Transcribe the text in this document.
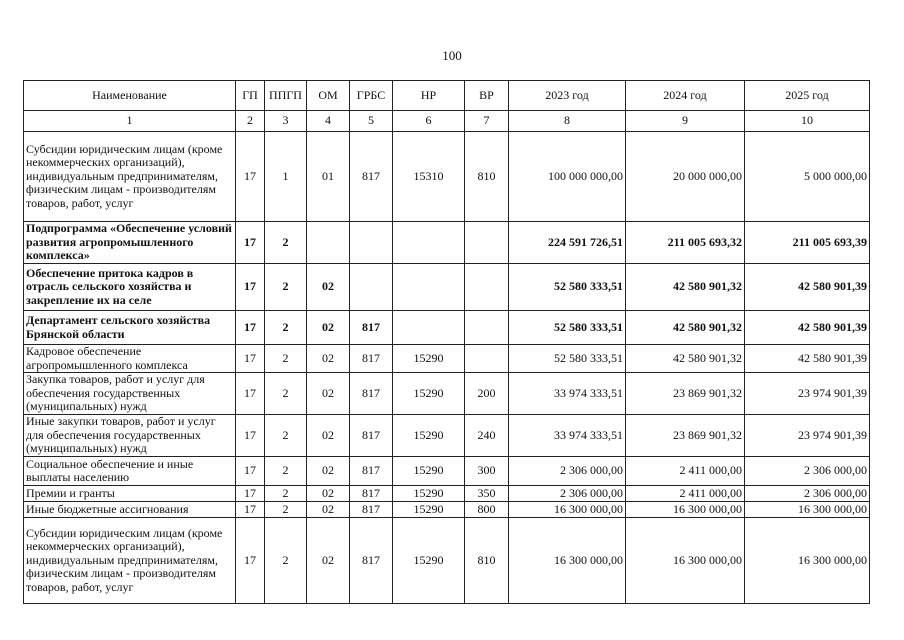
100
Наименование	ГП	ППГП	ОМ	ГРБС	НР	ВР	2023 год	2024 год	2025 год
1	2	3	4	5	6	7	8	9	10
Субсидии юридическим лицам (кроме некоммерческих организаций), индивидуальным предпринимателям, физическим лицам - производителям товаров, работ, услуг	17	1	01	817	15310	810	100 000 000,00	20 000 000,00	5 000 000,00
Подпрограмма «Обеспечение условий развития агропромышленного комплекса»	17	2					224 591 726,51	211 005 693,32	211 005 693,39
Обеспечение притока кадров в отрасль сельского хозяйства и закрепление их на селе	17	2	02				52 580 333,51	42 580 901,32	42 580 901,39
Департамент сельского хозяйства Брянской области	17	2	02	817			52 580 333,51	42 580 901,32	42 580 901,39
Кадровое обеспечение агропромышленного комплекса	17	2	02	817	15290		52 580 333,51	42 580 901,32	42 580 901,39
Закупка товаров, работ и услуг для обеспечения государственных (муниципальных) нужд	17	2	02	817	15290	200	33 974 333,51	23 869 901,32	23 974 901,39
Иные закупки товаров, работ и услуг для обеспечения государственных (муниципальных) нужд	17	2	02	817	15290	240	33 974 333,51	23 869 901,32	23 974 901,39
Социальное обеспечение и иные выплаты населению	17	2	02	817	15290	300	2 306 000,00	2 411 000,00	2 306 000,00
Премии и гранты	17	2	02	817	15290	350	2 306 000,00	2 411 000,00	2 306 000,00
Иные бюджетные ассигнования	17	2	02	817	15290	800	16 300 000,00	16 300 000,00	16 300 000,00
Субсидии юридическим лицам (кроме некоммерческих организаций), индивидуальным предпринимателям, физическим лицам - производителям товаров, работ, услуг	17	2	02	817	15290	810	16 300 000,00	16 300 000,00	16 300 000,00
